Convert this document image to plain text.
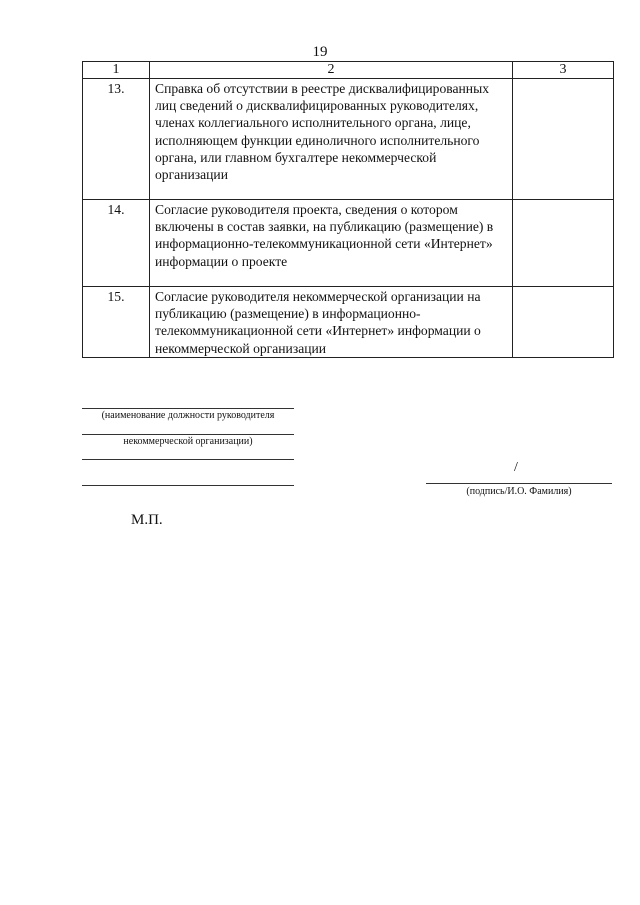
19
1	2	3
13.	Справка об отсутствии в реестре дисквалифицированных лиц сведений о дисквалифицированных руководителях, членах коллегиального исполнительного органа, лице, исполняющем функции единоличного исполнительного органа, или главном бухгалтере некоммерческой организации	
14.	Согласие руководителя проекта, сведения о котором включены в состав заявки, на публикацию (размещение) в информационно-телекоммуникационной сети «Интернет» информации о проекте	
15.	Согласие руководителя некоммерческой организации на публикацию (размещение) в информационно-телекоммуникационной сети «Интернет» информации о некоммерческой организации	
(наименование должности руководителя
некоммерческой организации)
/
(подпись/И.О. Фамилия)
М.П.
